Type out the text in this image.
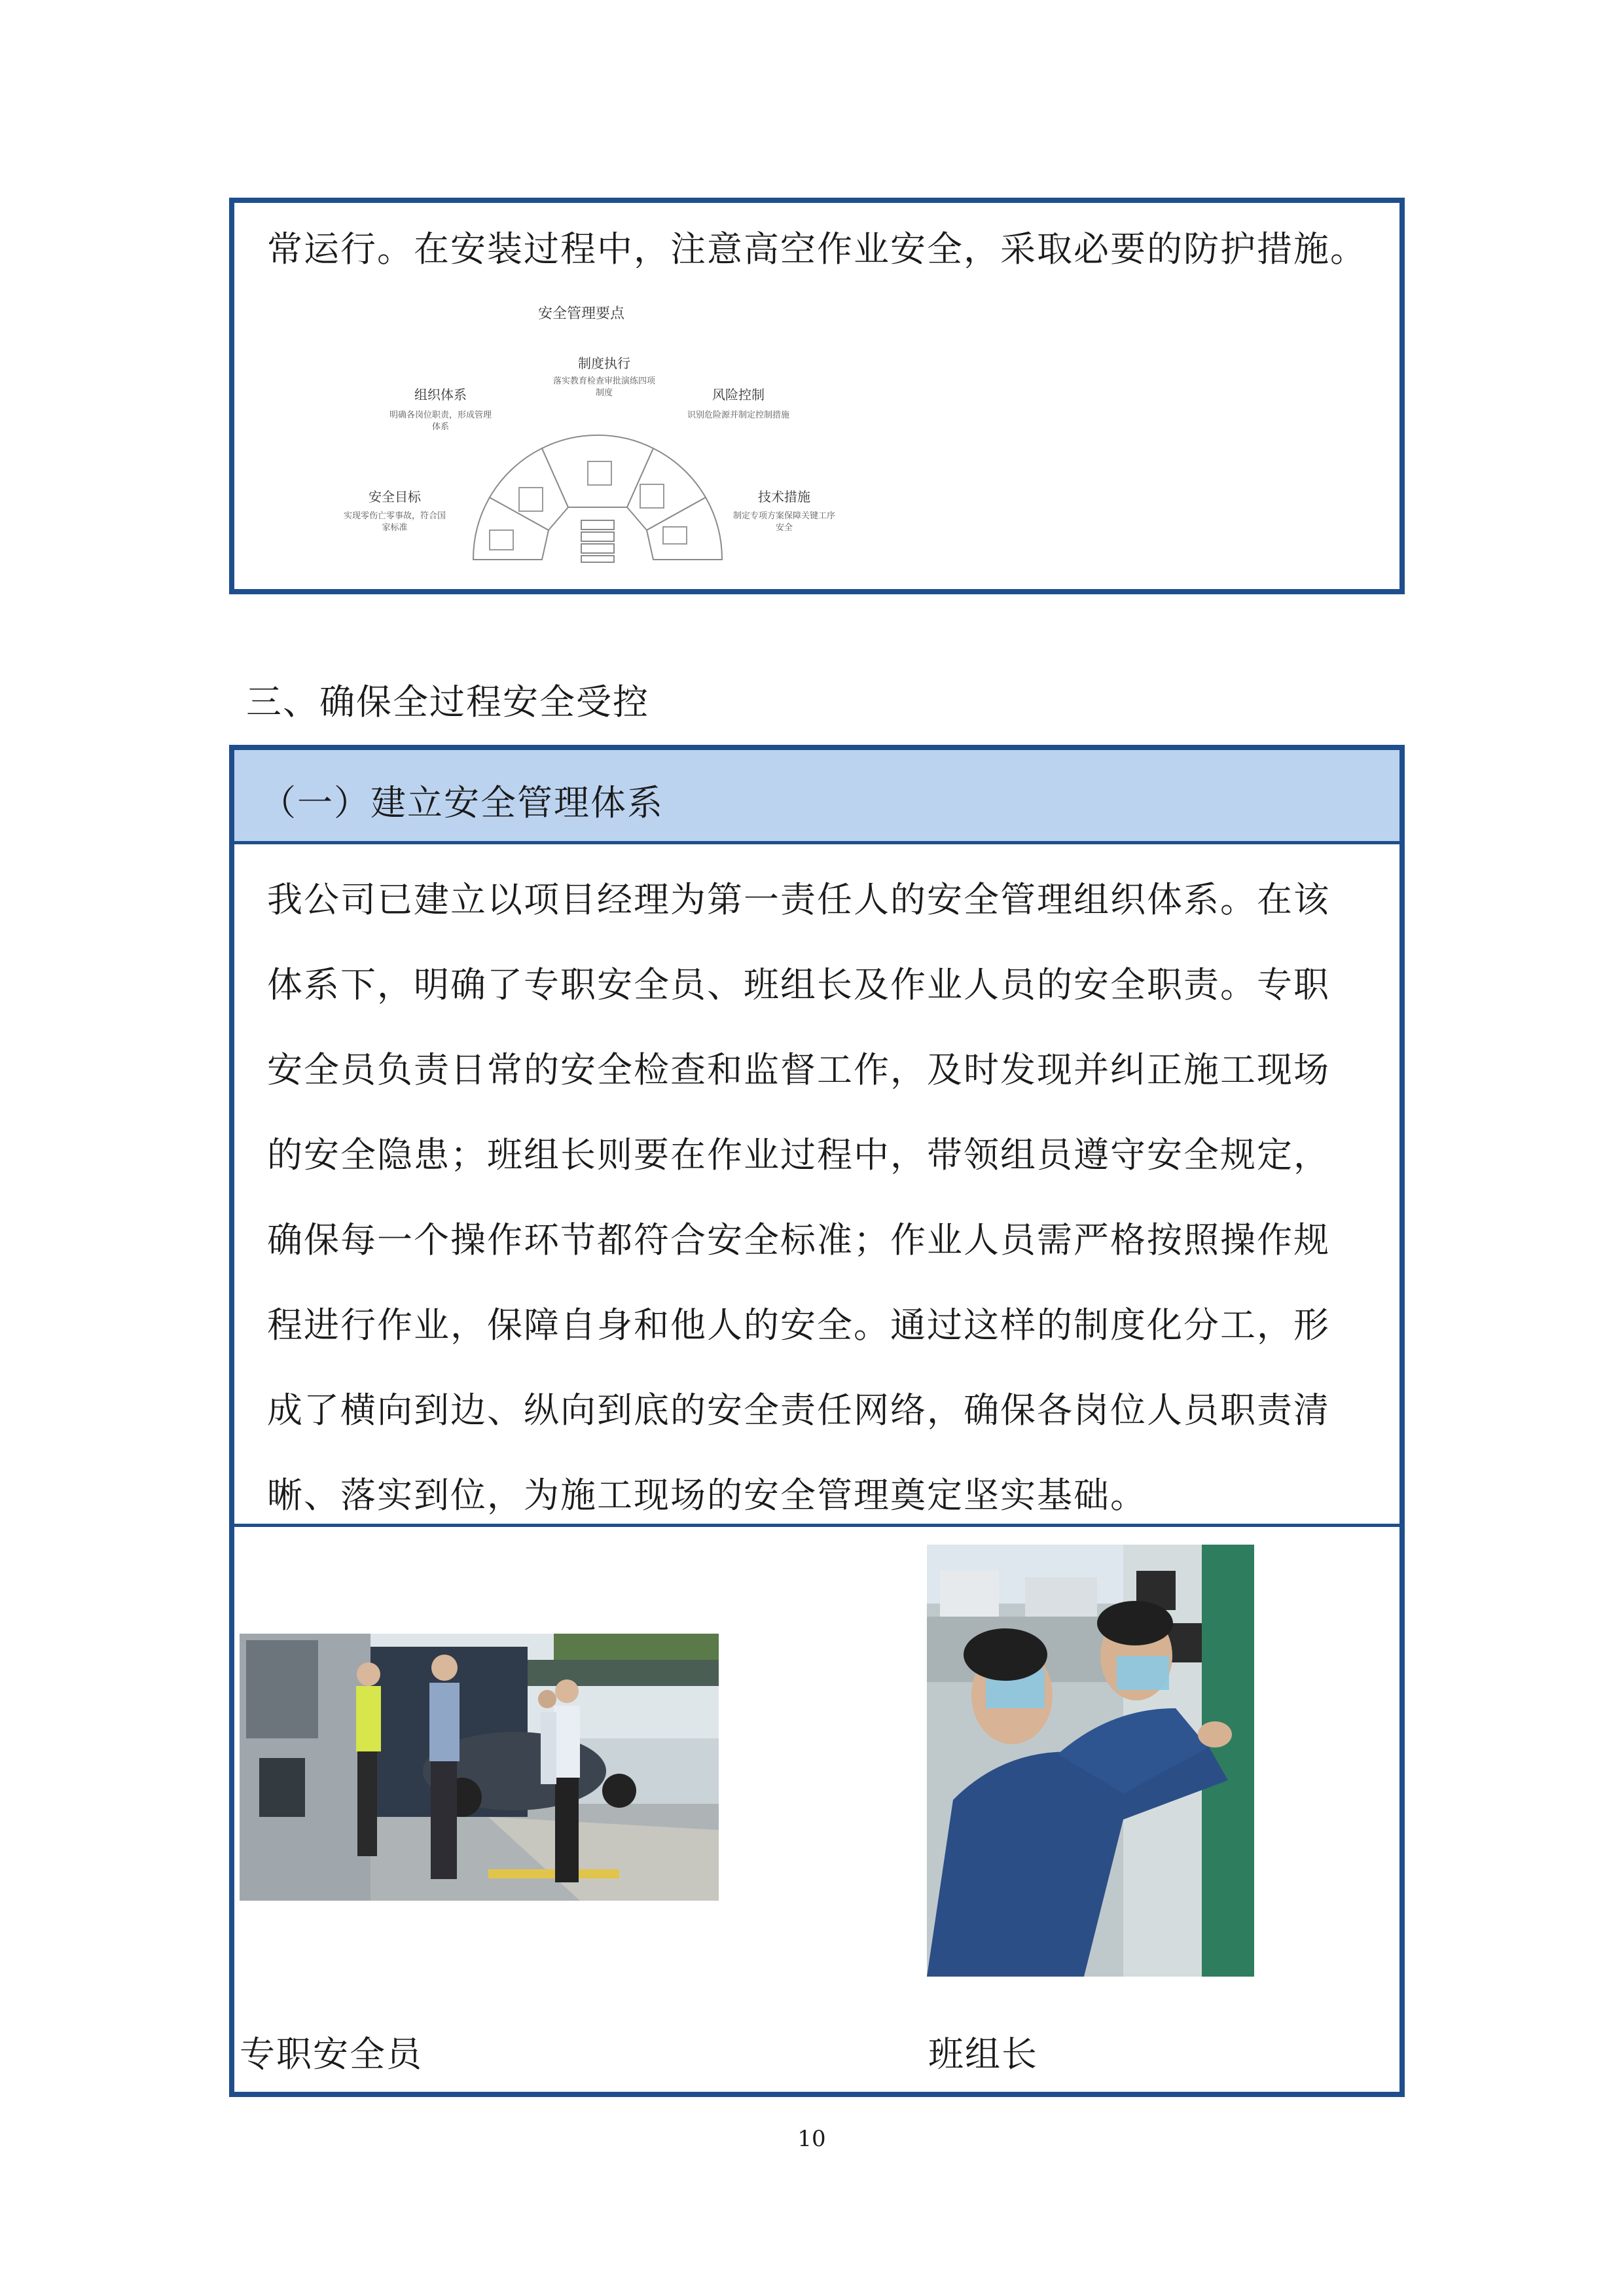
常运行。在安装过程中，注意高空作业安全，采取必要的防护措施。
安全管理要点
制度执行
落实教育检查审批演练四项
制度
组织体系
明确各岗位职责，形成管理
体系
风险控制
识别危险源并制定控制措施
安全目标
实现零伤亡零事故，符合国
家标准
技术措施
制定专项方案保障关键工序
安全
三、确保全过程安全受控
（一）建立安全管理体系
我公司已建立以项目经理为第一责任人的安全管理组织体系。在该
体系下，明确了专职安全员、班组长及作业人员的安全职责。专职
安全员负责日常的安全检查和监督工作，及时发现并纠正施工现场
的安全隐患；班组长则要在作业过程中，带领组员遵守安全规定，
确保每一个操作环节都符合安全标准；作业人员需严格按照操作规
程进行作业，保障自身和他人的安全。通过这样的制度化分工，形
成了横向到边、纵向到底的安全责任网络，确保各岗位人员职责清
晰、落实到位，为施工现场的安全管理奠定坚实基础。
专职安全员	班组长
10
